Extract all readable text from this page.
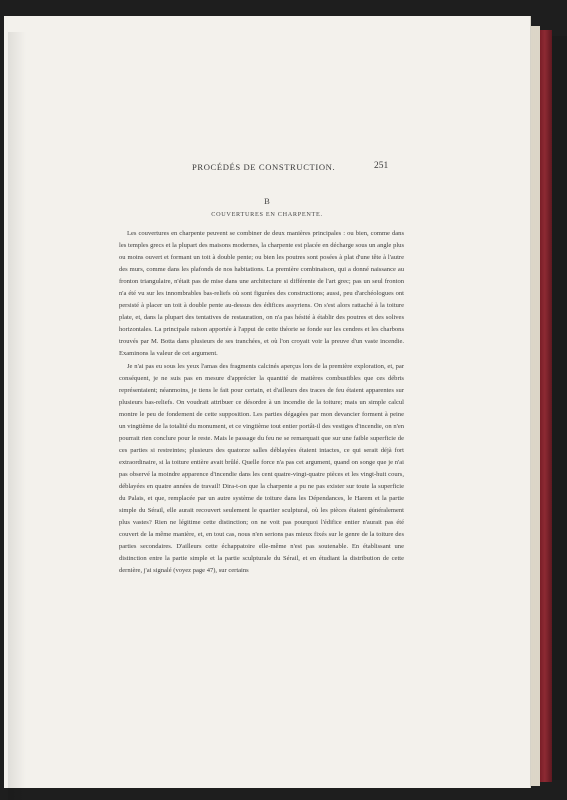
PROCÉDÉS DE CONSTRUCTION.	251
B
COUVERTURES EN CHARPENTE.

Les couvertures en charpente peuvent se combiner de deux manières principales : ou bien, comme dans les temples grecs et la plupart des maisons modernes, la charpente est placée en décharge sous un angle plus ou moins ouvert et formant un toit à double pente; ou bien les poutres sont posées à plat d'une tête à l'autre des murs, comme dans les plafonds de nos habitations. La première combinaison, qui a donné naissance au fronton triangulaire, n'était pas de mise dans une architecture si différente de l'art grec; pas un seul fronton n'a été vu sur les innombrables bas-reliefs où sont figurées des constructions; aussi, peu d'archéologues ont persisté à placer un toit à double pente au-dessus des édifices assyriens. On s'est alors rattaché à la toiture plate, et, dans la plupart des tentatives de restauration, on n'a pas hésité à établir des poutres et des solives horizontales. La principale raison apportée à l'appui de cette théorie se fonde sur les cendres et les charbons trouvés par M. Botta dans plusieurs de ses tranchées, et où l'on croyait voir la preuve d'un vaste incendie. Examinons la valeur de cet argument.

Je n'ai pas eu sous les yeux l'amas des fragments calcinés aperçus lors de la première exploration, et, par conséquent, je ne suis pas en mesure d'apprécier la quantité de matières combustibles que ces débris représentaient; néanmoins, je tiens le fait pour certain, et d'ailleurs des traces de feu étaient apparentes sur plusieurs bas-reliefs. On voudrait attribuer ce désordre à un incendie de la toiture; mais un simple calcul montre le peu de fondement de cette supposition. Les parties dégagées par mon devancier forment à peine un vingtième de la totalité du monument, et ce vingtième tout entier portât-il des vestiges d'incendie, on n'en pourrait rien conclure pour le reste. Mais le passage du feu ne se remarquait que sur une faible superficie de ces parties si restreintes; plusieurs des quatorze salles déblayées étaient intactes, ce qui serait déjà fort extraordinaire, si la toiture entière avait brûlé. Quelle force n'a pas cet argument, quand on songe que je n'ai pas observé la moindre apparence d'incendie dans les cent quatre-vingt-quatre pièces et les vingt-huit cours, déblayées en quatre années de travail! Dira-t-on que la charpente a pu ne pas exister sur toute la superficie du Palais, et que, remplacée par un autre système de toiture dans les Dépendances, le Harem et la partie simple du Sérail, elle aurait recouvert seulement le quartier sculptural, où les pièces étaient généralement plus vastes? Rien ne légitime cette distinction; on ne voit pas pourquoi l'édifice entier n'aurait pas été couvert de la même manière, et, en tout cas, nous n'en serions pas mieux fixés sur le genre de la toiture des parties secondaires. D'ailleurs cette échappatoire elle-même n'est pas soutenable. En établissant une distinction entre la partie simple et la partie sculpturale du Sérail, et en étudiant la distribution de cette dernière, j'ai signalé (voyez page 47), sur certains
